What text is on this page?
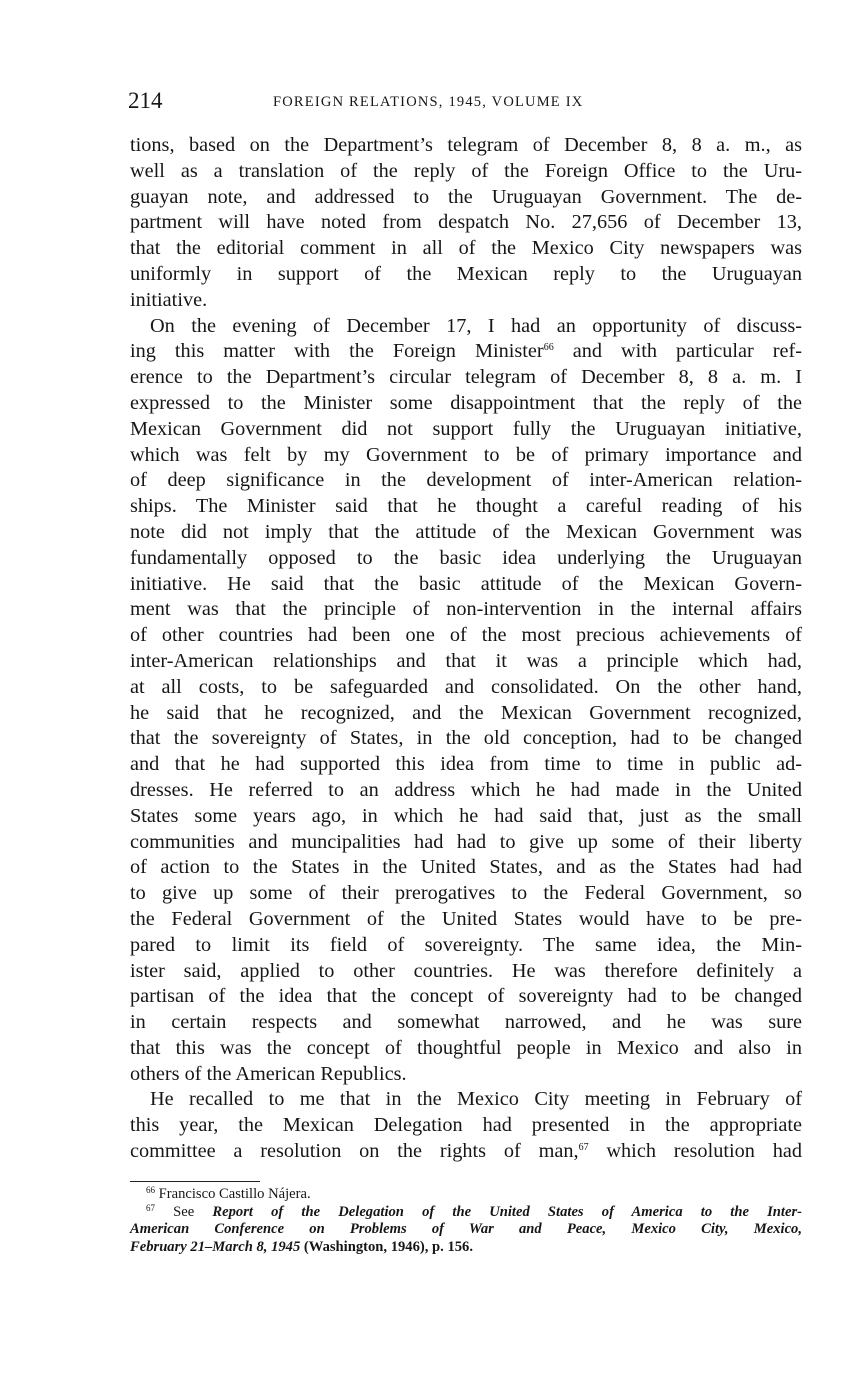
214	FOREIGN RELATIONS, 1945, VOLUME IX
tions, based on the Department’s telegram of December 8, 8 a. m., as
well as a translation of the reply of the Foreign Office to the Uru-
guayan note, and addressed to the Uruguayan Government. The de-
partment will have noted from despatch No. 27,656 of December 13,
that the editorial comment in all of the Mexico City newspapers was
uniformly in support of the Mexican reply to the Uruguayan
initiative.
On the evening of December 17, I had an opportunity of discuss-
ing this matter with the Foreign Minister$^{66}$ and with particular ref-
erence to the Department’s circular telegram of December 8, 8 a. m. I
expressed to the Minister some disappointment that the reply of the
Mexican Government did not support fully the Uruguayan initiative,
which was felt by my Government to be of primary importance and
of deep significance in the development of inter-American relation-
ships. The Minister said that he thought a careful reading of his
note did not imply that the attitude of the Mexican Government was
fundamentally opposed to the basic idea underlying the Uruguayan
initiative. He said that the basic attitude of the Mexican Govern-
ment was that the principle of non-intervention in the internal affairs
of other countries had been one of the most precious achievements of
inter-American relationships and that it was a principle which had,
at all costs, to be safeguarded and consolidated. On the other hand,
he said that he recognized, and the Mexican Government recognized,
that the sovereignty of States, in the old conception, had to be changed
and that he had supported this idea from time to time in public ad-
dresses. He referred to an address which he had made in the United
States some years ago, in which he had said that, just as the small
communities and muncipalities had had to give up some of their liberty
of action to the States in the United States, and as the States had had
to give up some of their prerogatives to the Federal Government, so
the Federal Government of the United States would have to be pre-
pared to limit its field of sovereignty. The same idea, the Min-
ister said, applied to other countries. He was therefore definitely a
partisan of the idea that the concept of sovereignty had to be changed
in certain respects and somewhat narrowed, and he was sure
that this was the concept of thoughtful people in Mexico and also in
others of the American Republics.
He recalled to me that in the Mexico City meeting in February of
this year, the Mexican Delegation had presented in the appropriate
committee a resolution on the rights of man,$^{67}$ which resolution had
$^{66}$ Francisco Castillo Nájera.
$^{67}$ See Report of the Delegation of the United States of America to the Inter-
American Conference on Problems of War and Peace, Mexico City, Mexico,
February 21–March 8, 1945 (Washington, 1946), p. 156.
